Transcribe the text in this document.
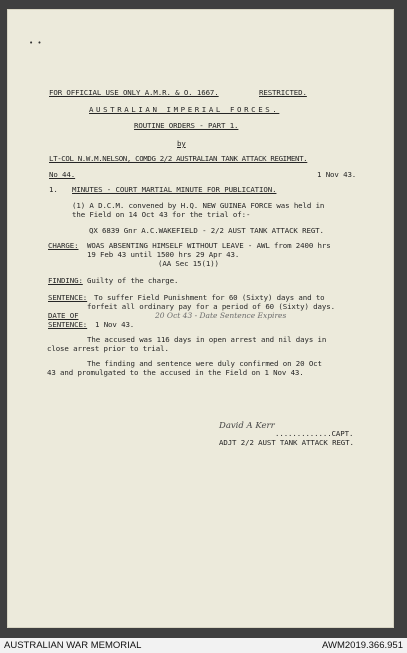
• •
FOR OFFICIAL USE ONLY A.M.R. & O. 1667.	RESTRICTED.
AUSTRALIAN IMPERIAL FORCES.
ROUTINE ORDERS - PART 1.
by
LT-COL N.W.M.NELSON, COMDG 2/2 AUSTRALIAN TANK ATTACK REGIMENT.
No 44.	1 Nov 43.
1. MINUTES - COURT MARTIAL MINUTE FOR PUBLICATION.
(1) A D.C.M. convened by H.Q. NEW GUINEA FORCE was held in
the Field on 14 Oct 43 for the trial of:-
QX 6839 Gnr A.C.WAKEFIELD - 2/2 AUST TANK ATTACK REGT.
CHARGE: WOAS ABSENTING HIMSELF WITHOUT LEAVE - AWL from 2400 hrs
19 Feb 43 until 1500 hrs 29 Apr 43.
(AA Sec 15(1))
FINDING: Guilty of the charge.
SENTENCE: To suffer Field Punishment for 60 (Sixty) days and to
forfeit all ordinary pay for a period of 60 (Sixty) days.
DATE OF
SENTENCE: 1 Nov 43.
20 Oct 43 - Date Sentence Expires
The accused was 116 days in open arrest and nil days in
close arrest prior to trial.
The finding and sentence were duly confirmed on 20 Oct
43 and promulgated to the accused in the Field on 1 Nov 43.
David A Kerr
.............CAPT.
ADJT 2/2 AUST TANK ATTACK REGT.
AUSTRALIAN WAR MEMORIAL	AWM2019.366.951
